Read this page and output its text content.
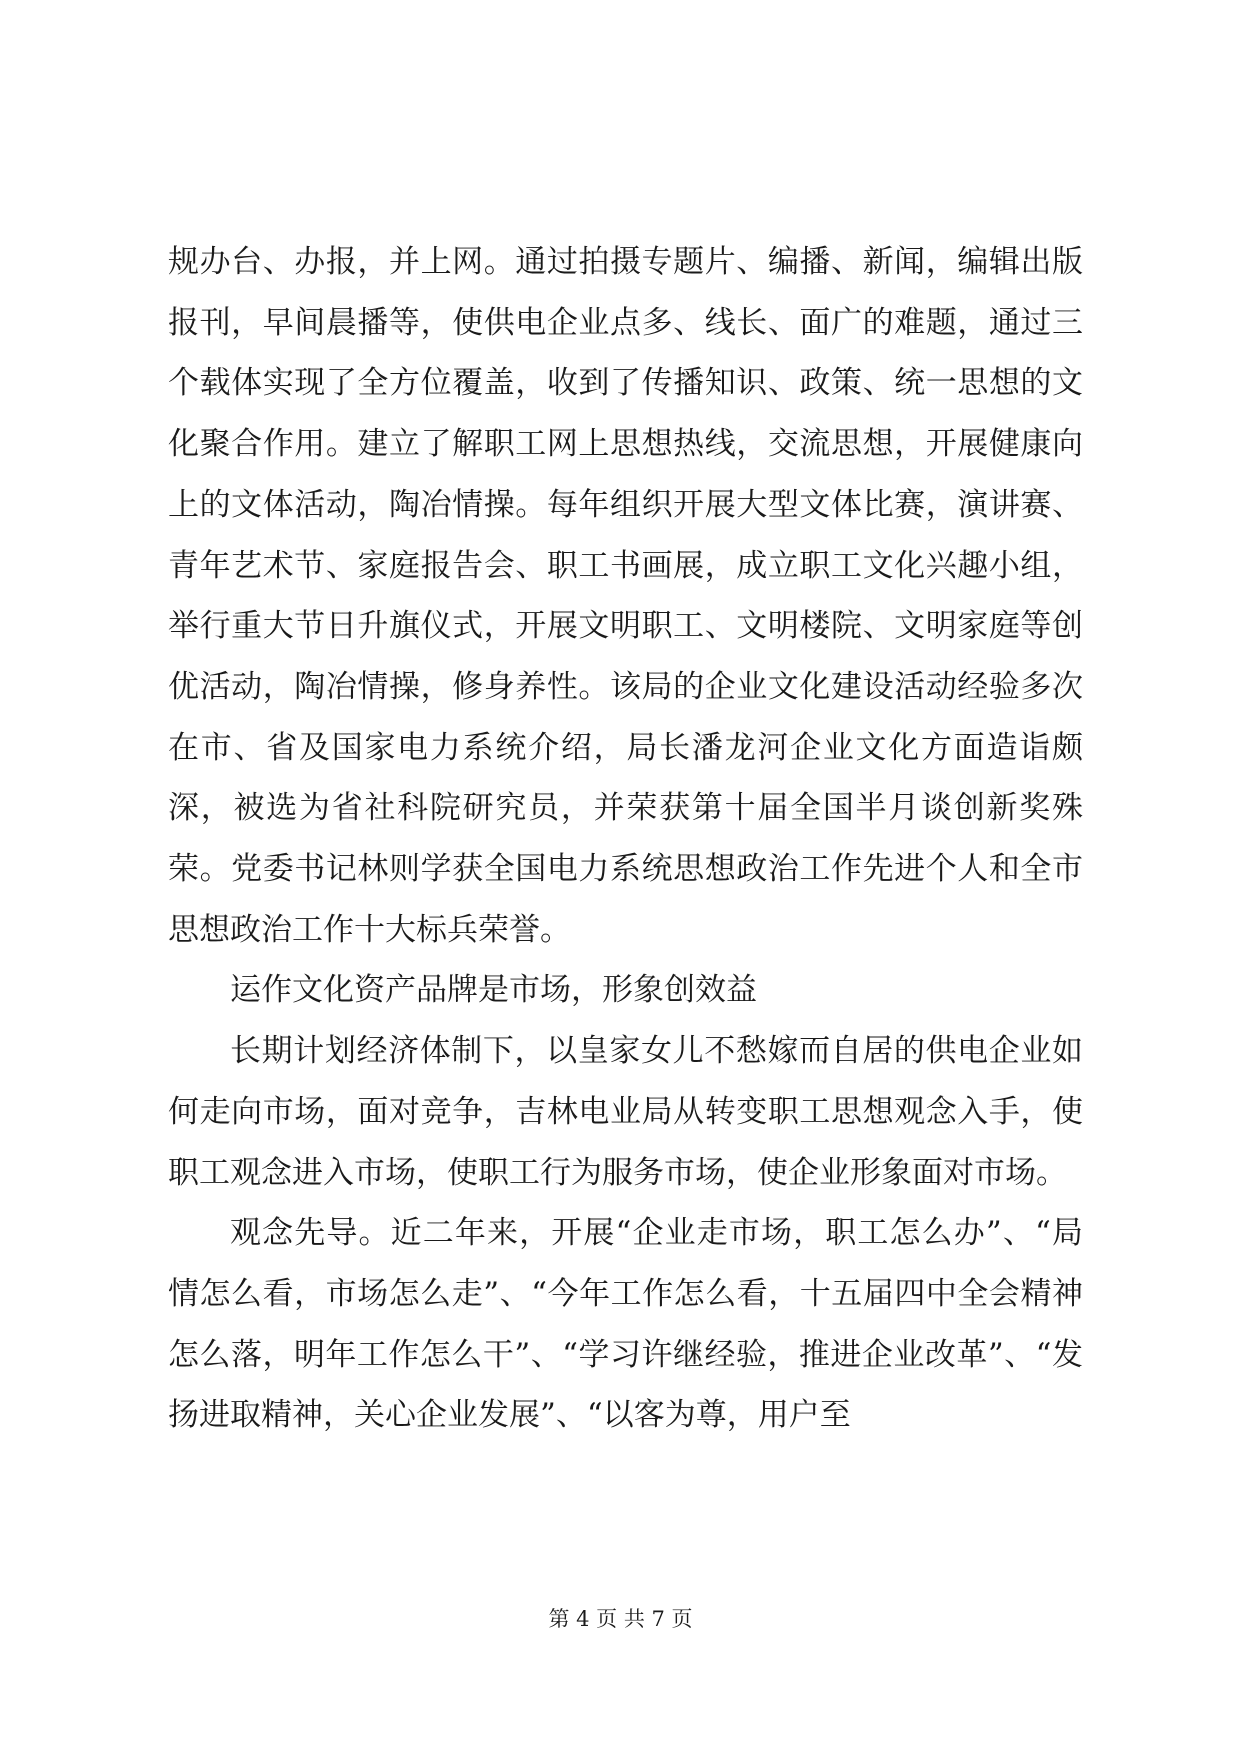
规办台、办报，并上网。通过拍摄专题片、编播、新闻，编辑出版报刊，早间晨播等，使供电企业点多、线长、面广的难题，通过三个载体实现了全方位覆盖，收到了传播知识、政策、统一思想的文化聚合作用。建立了解职工网上思想热线，交流思想，开展健康向上的文体活动，陶冶情操。每年组织开展大型文体比赛，演讲赛、青年艺术节、家庭报告会、职工书画展，成立职工文化兴趣小组，举行重大节日升旗仪式，开展文明职工、文明楼院、文明家庭等创优活动，陶冶情操，修身养性。该局的企业文化建设活动经验多次在市、省及国家电力系统介绍，局长潘龙河企业文化方面造诣颇深，被选为省社科院研究员，并荣获第十届全国半月谈创新奖殊荣。党委书记林则学获全国电力系统思想政治工作先进个人和全市思想政治工作十大标兵荣誉。

运作文化资产品牌是市场，形象创效益

长期计划经济体制下，以皇家女儿不愁嫁而自居的供电企业如何走向市场，面对竞争，吉林电业局从转变职工思想观念入手，使职工观念进入市场，使职工行为服务市场，使企业形象面对市场。

观念先导。近二年来，开展“企业走市场，职工怎么办”、“局情怎么看，市场怎么走”、“今年工作怎么看，十五届四中全会精神怎么落，明年工作怎么干”、“学习许继经验，推进企业改革”、“发扬进取精神，关心企业发展”、“以客为尊，用户至

第 4 页 共 7 页
